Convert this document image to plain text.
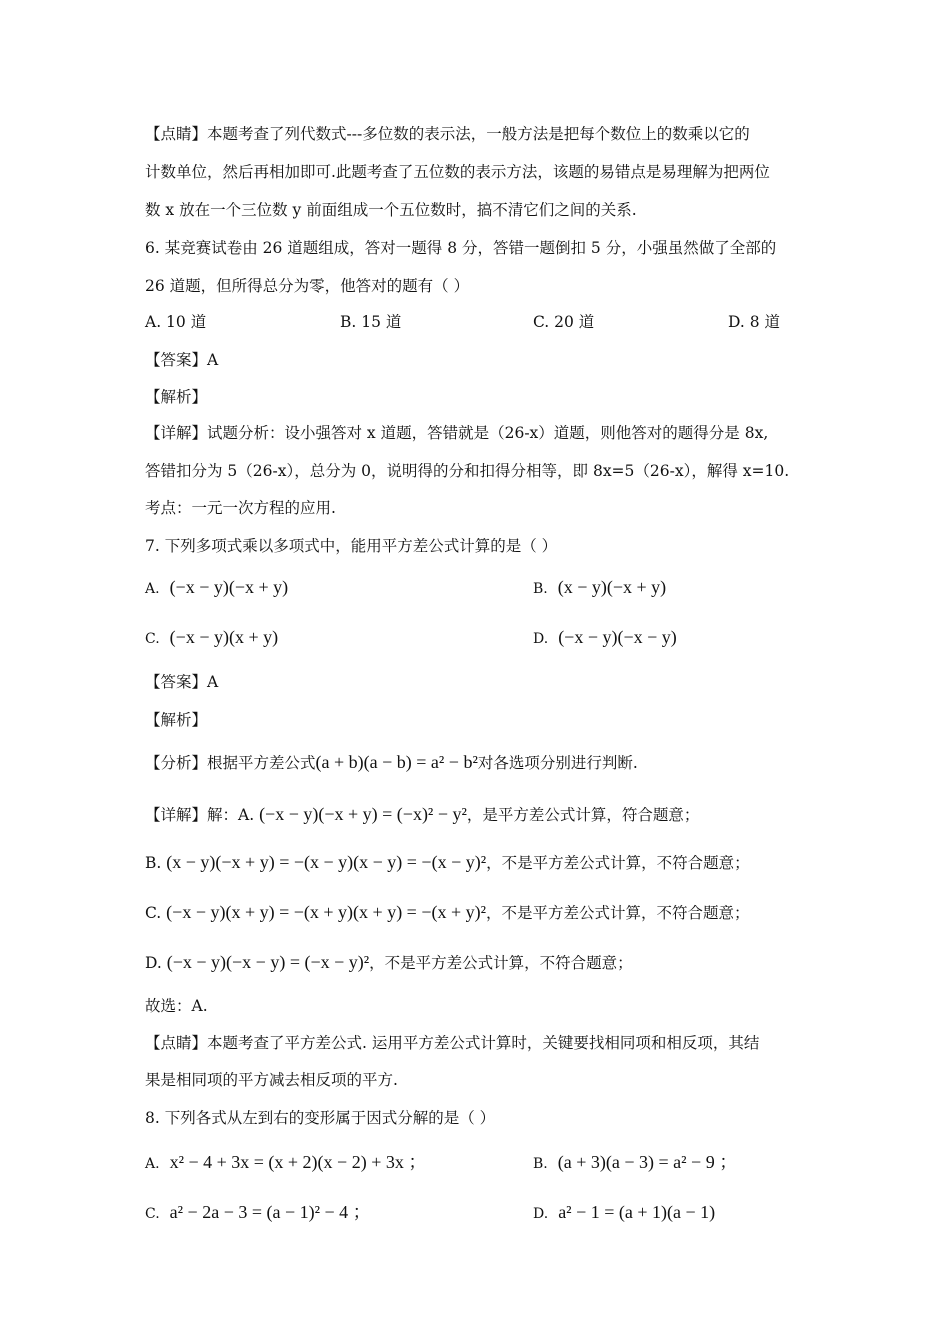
【点睛】本题考查了列代数式---多位数的表示法，一般方法是把每个数位上的数乘以它的
计数单位，然后再相加即可.此题考查了五位数的表示方法，该题的易错点是易理解为把两位
数 x 放在一个三位数 y 前面组成一个五位数时，搞不清它们之间的关系.
6. 某竞赛试卷由 26 道题组成，答对一题得 8 分，答错一题倒扣 5 分，小强虽然做了全部的
26 道题，但所得总分为零，他答对的题有（ ）
A. 10 道	B. 15 道	C. 20 道	D. 8 道
【答案】A
【解析】
【详解】试题分析：设小强答对 x 道题，答错就是（26-x）道题，则他答对的题得分是 8x,
答错扣分为 5（26-x），总分为 0，说明得的分和扣得分相等，即 8x=5（26-x），解得 x=10.
考点：一元一次方程的应用.
7. 下列多项式乘以多项式中，能用平方差公式计算的是（ ）
A. (−x − y)(−x + y)	B. (x − y)(−x + y)
C. (−x − y)(x + y)	D. (−x − y)(−x − y)
【答案】A
【解析】
【分析】根据平方差公式(a + b)(a − b) = a² − b²对各选项分别进行判断.
【详解】解：A. (−x − y)(−x + y) = (−x)² − y²，是平方差公式计算，符合题意；
B. (x − y)(−x + y) = −(x − y)(x − y) = −(x − y)²，不是平方差公式计算，不符合题意；
C. (−x − y)(x + y) = −(x + y)(x + y) = −(x + y)²，不是平方差公式计算，不符合题意；
D. (−x − y)(−x − y) = (−x − y)²，不是平方差公式计算，不符合题意；
故选：A.
【点睛】本题考查了平方差公式. 运用平方差公式计算时，关键要找相同项和相反项，其结
果是相同项的平方减去相反项的平方.
8. 下列各式从左到右的变形属于因式分解的是（ ）
A. x² − 4 + 3x = (x + 2)(x − 2) + 3x ；	B. (a + 3)(a − 3) = a² − 9 ；
C. a² − 2a − 3 = (a − 1)² − 4 ；	D. a² − 1 = (a + 1)(a − 1)
